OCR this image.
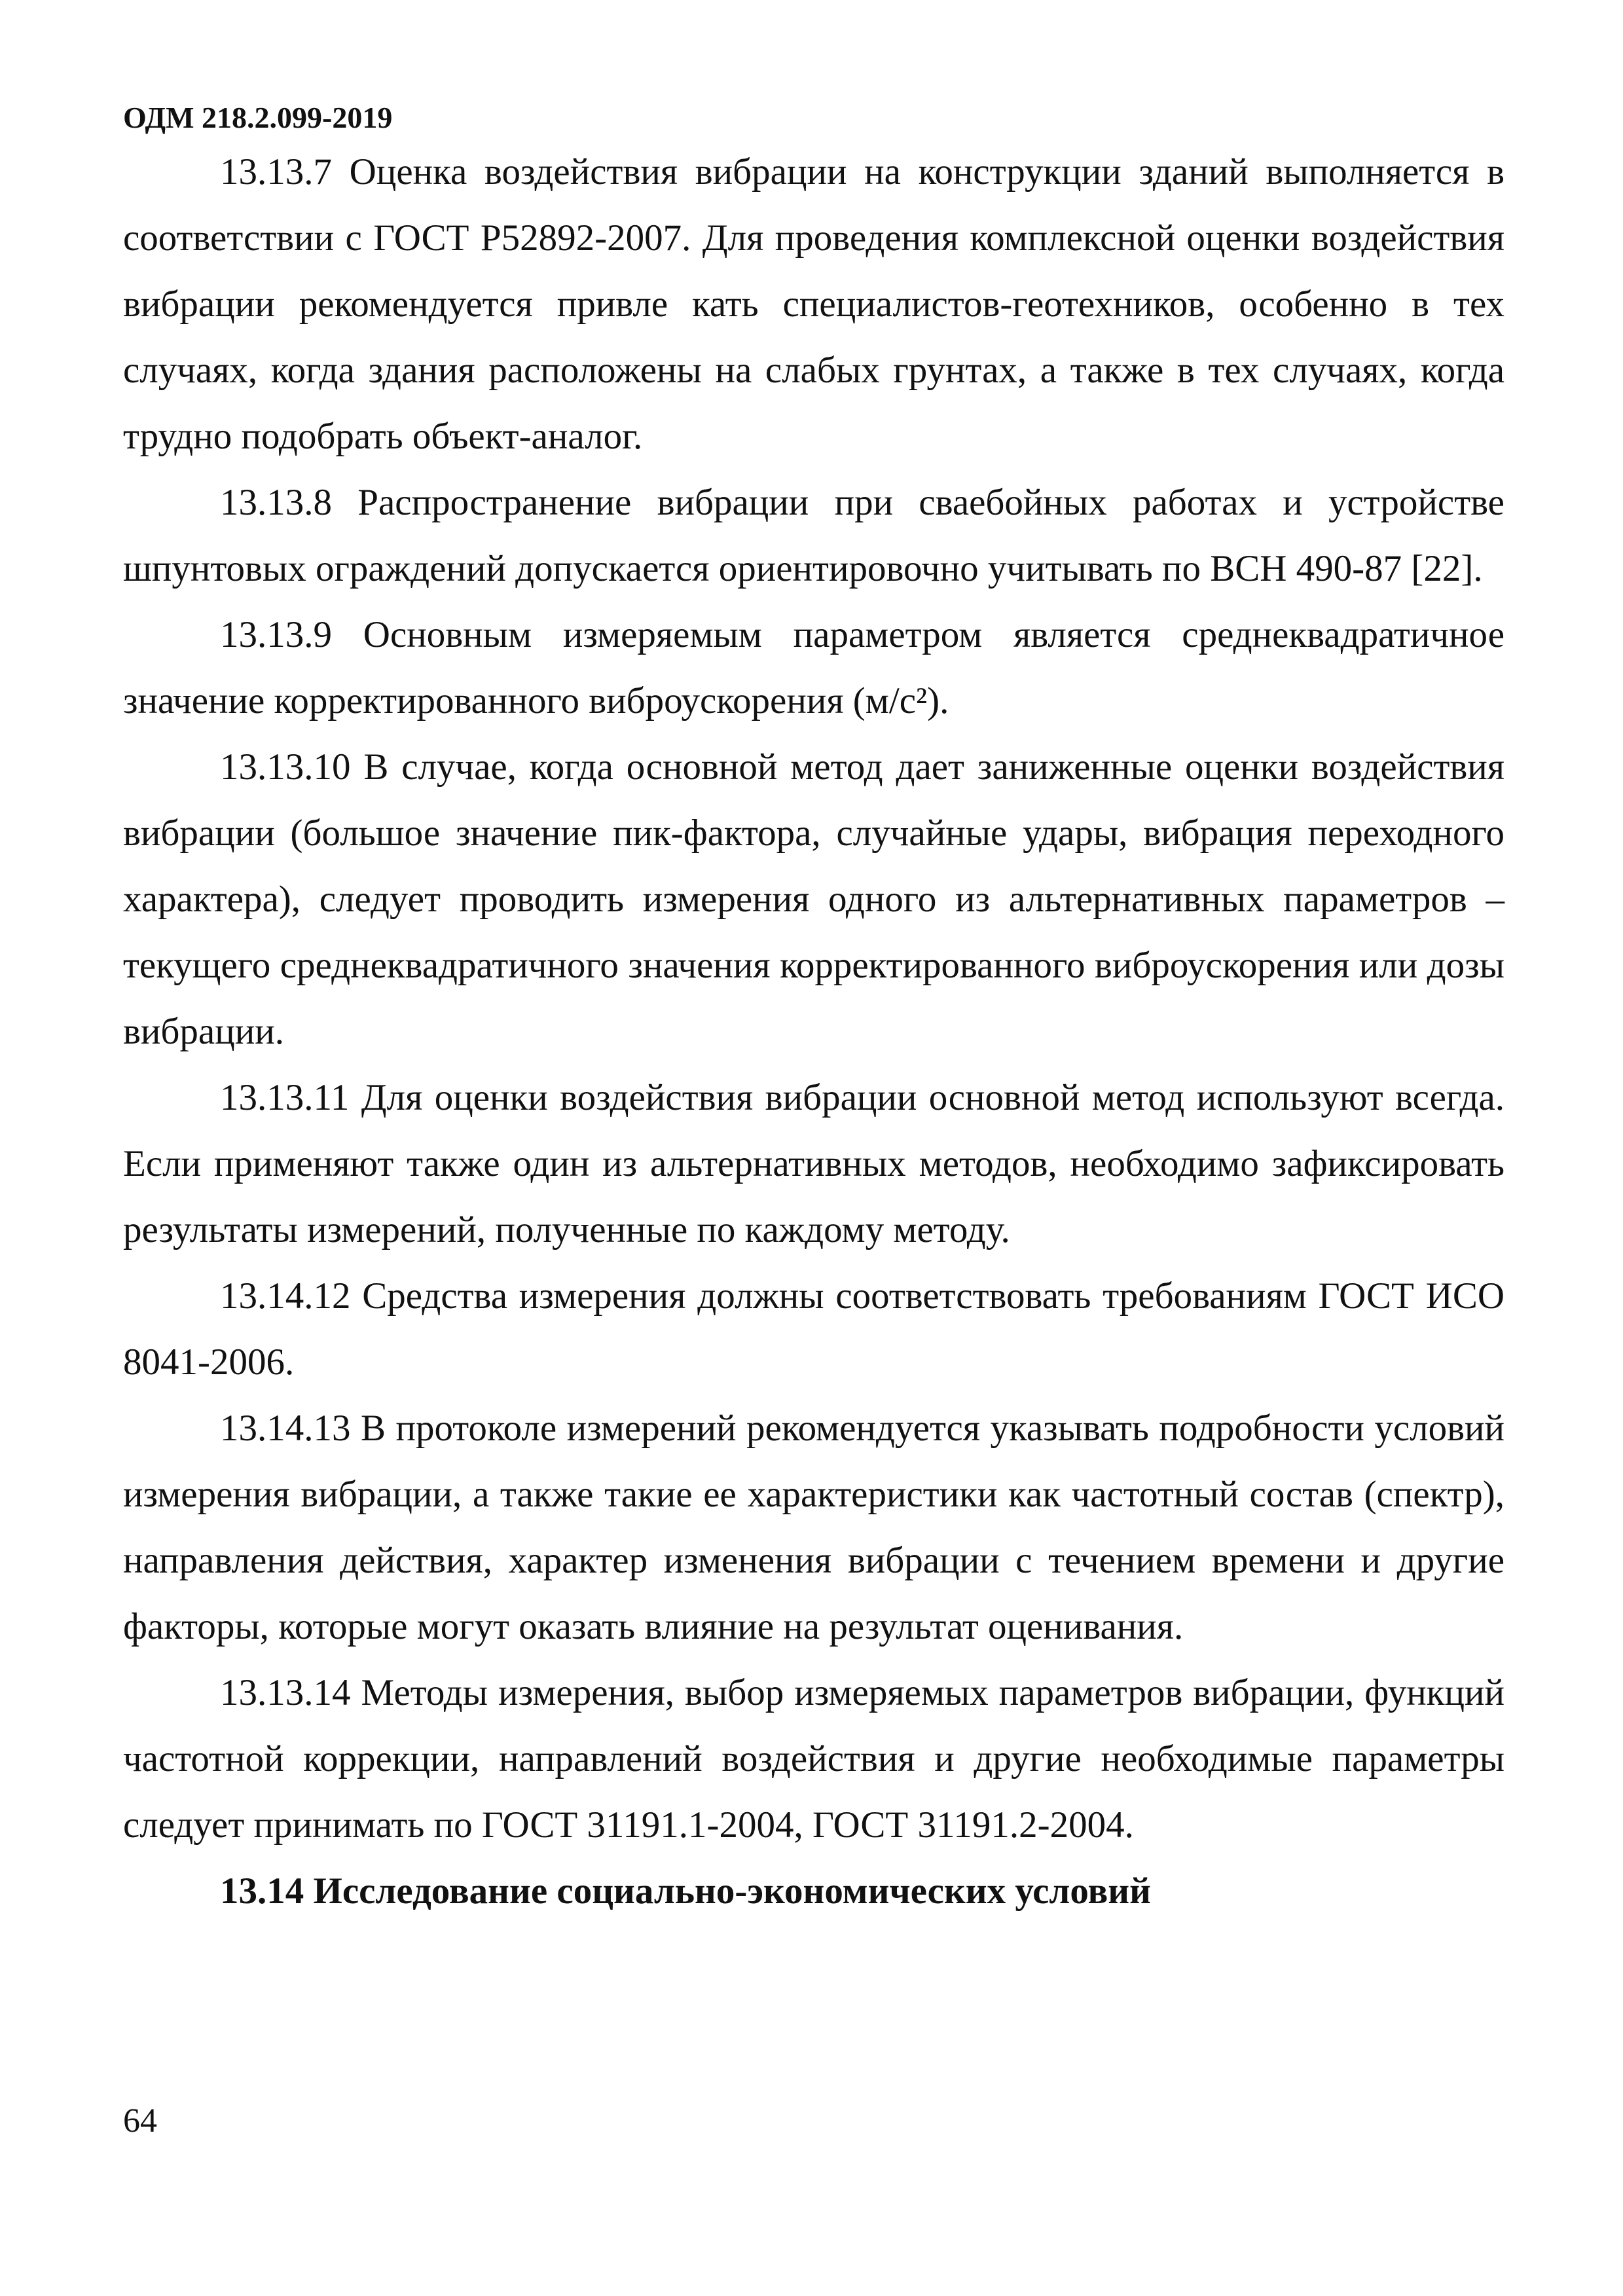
ОДМ 218.2.099-2019

13.13.7 Оценка воздействия вибрации на конструкции зданий выполняется в соответствии с ГОСТ Р52892-2007. Для проведения комплексной оценки воздействия вибрации рекомендуется привле кать специалистов-геотехников, особенно в тех случаях, когда здания расположены на слабых грунтах, а также в тех случаях, когда трудно подобрать объект-аналог.

13.13.8 Распространение вибрации при сваебойных работах и устройстве шпунтовых ограждений допускается ориентировочно учитывать по ВСН 490-87 [22].

13.13.9 Основным измеряемым параметром является среднеквадратичное значение корректированного виброускорения (м/с²).

13.13.10 В случае, когда основной метод дает заниженные оценки воздействия вибрации (большое значение пик-фактора, случайные удары, вибрация переходного характера), следует проводить измерения одного из альтернативных параметров – текущего среднеквадратичного значения корректированного виброускорения или дозы вибрации.

13.13.11 Для оценки воздействия вибрации основной метод используют всегда. Если применяют также один из альтернативных методов, необходимо зафиксировать результаты измерений, полученные по каждому методу.

13.14.12 Средства измерения должны соответствовать требованиям ГОСТ ИСО 8041-2006.

13.14.13 В протоколе измерений рекомендуется указывать подробности условий измерения вибрации, а также такие ее характеристики как частотный состав (спектр), направления действия, характер изменения вибрации с течением времени и другие факторы, которые могут оказать влияние на результат оценивания.

13.13.14 Методы измерения, выбор измеряемых параметров вибрации, функций частотной коррекции, направлений воздействия и другие необходимые параметры следует принимать по ГОСТ 31191.1-2004, ГОСТ 31191.2-2004.

13.14 Исследование социально-экономических условий

64
